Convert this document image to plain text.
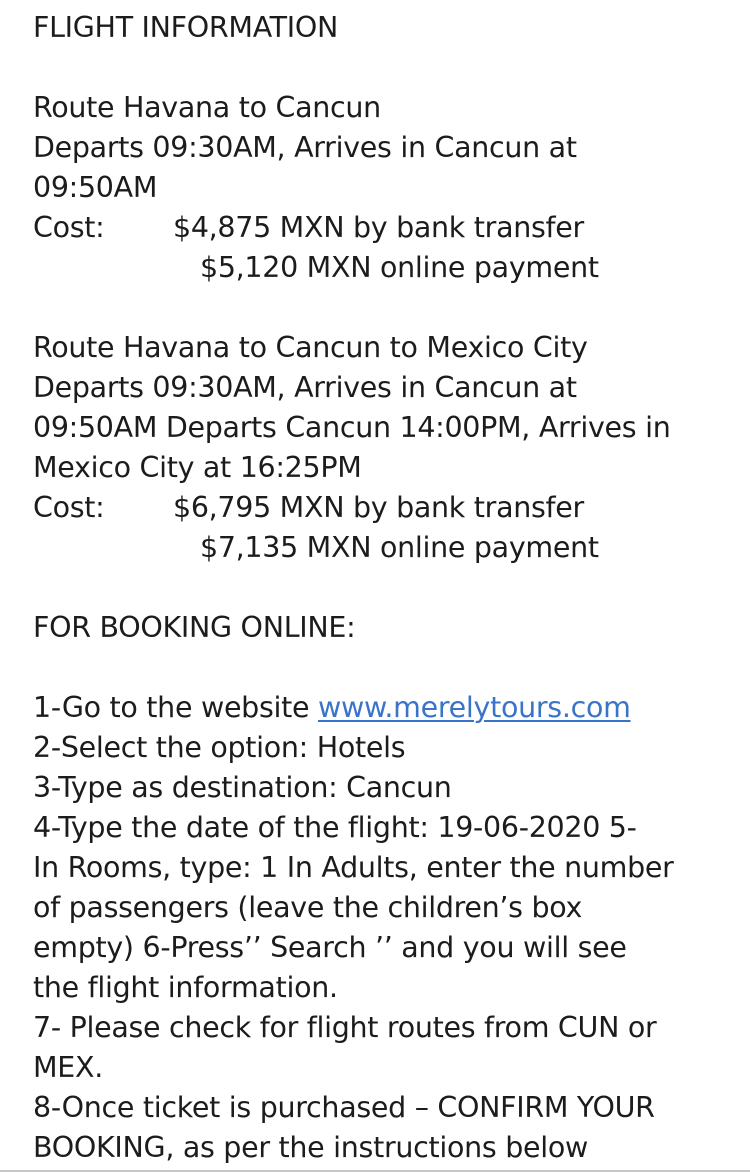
FLIGHT INFORMATION
Route Havana to Cancun
Departs 09:30AM, Arrives in Cancun at
09:50AM
Cost: $4,875 MXN by bank transfer
$5,120 MXN online payment
Route Havana to Cancun to Mexico City
Departs 09:30AM, Arrives in Cancun at
09:50AM Departs Cancun 14:00PM, Arrives in
Mexico City at 16:25PM
Cost: $6,795 MXN by bank transfer
$7,135 MXN online payment
FOR BOOKING ONLINE:
1-Go to the website www.merelytours.com
2-Select the option: Hotels
3-Type as destination: Cancun
4-Type the date of the flight: 19-06-2020 5-
In Rooms, type: 1 In Adults, enter the number
of passengers (leave the children’s box
empty) 6-Press’’ Search ’’ and you will see
the flight information.
7- Please check for flight routes from CUN or
MEX.
8-Once ticket is purchased – CONFIRM YOUR
BOOKING, as per the instructions below
